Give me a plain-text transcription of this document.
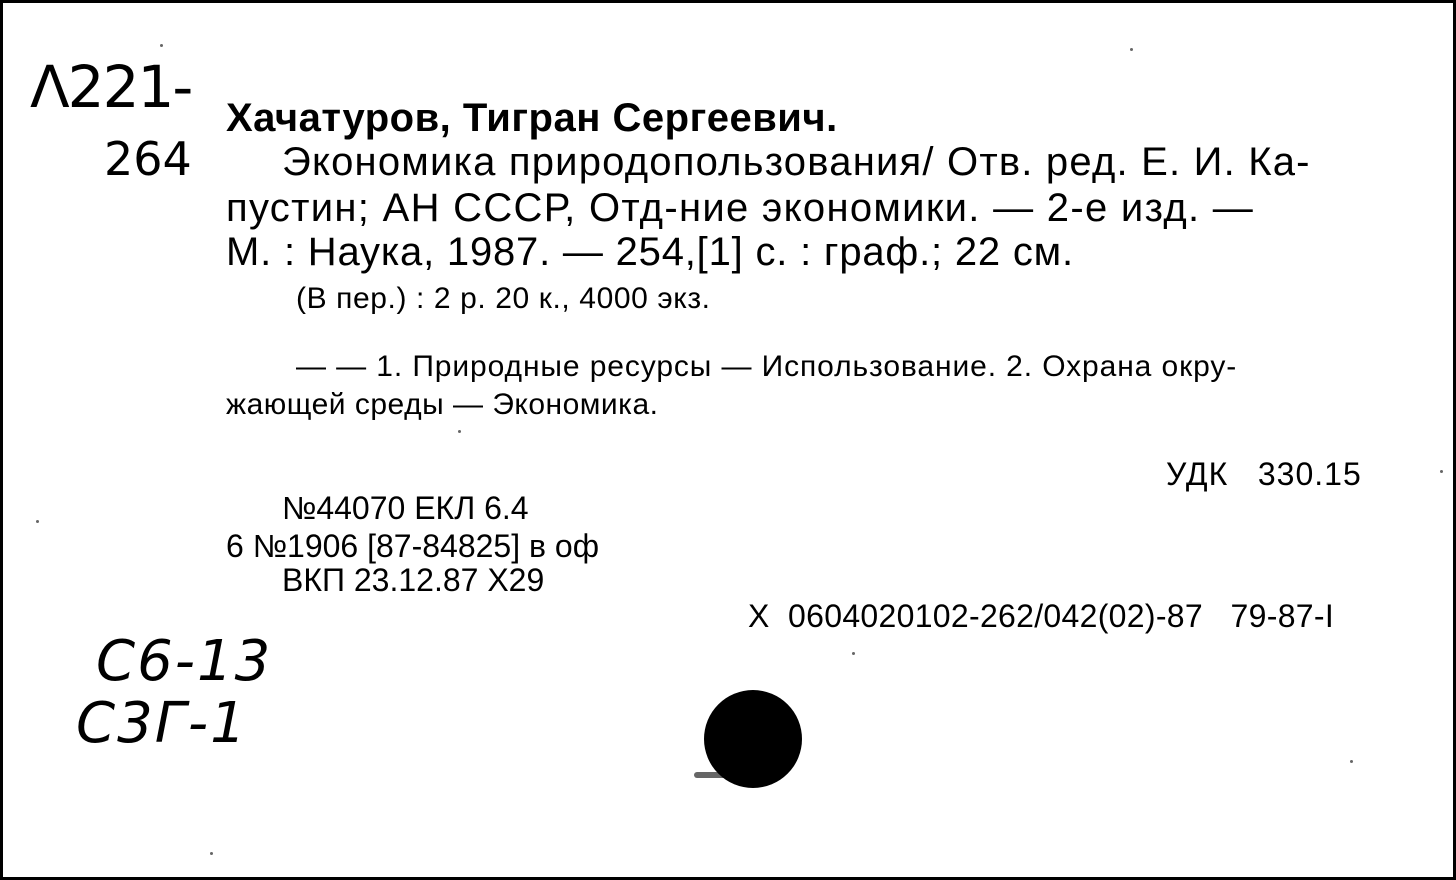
Λ221-
264
Хачатуров, Тигран Сергеевич.
Экономика природопользования/ Отв. ред. Е. И. Ка-
пустин; АН СССР, Отд-ние экономики. — 2-е изд. —
М. : Наука, 1987. — 254,[1] с. : граф.; 22 см.
(В пер.) : 2 р. 20 к., 4000 экз.
— — 1. Природные ресурсы — Использование. 2. Охрана окру-
жающей среды — Экономика.
УДК   330.15
№44070 ЕКЛ 6.4
6 №1906 [87-84825] в оф
ВКП 23.12.87 Х29
Х  0604020102-262/042(02)-87   79-87-I
С6-13
С3Г-1
